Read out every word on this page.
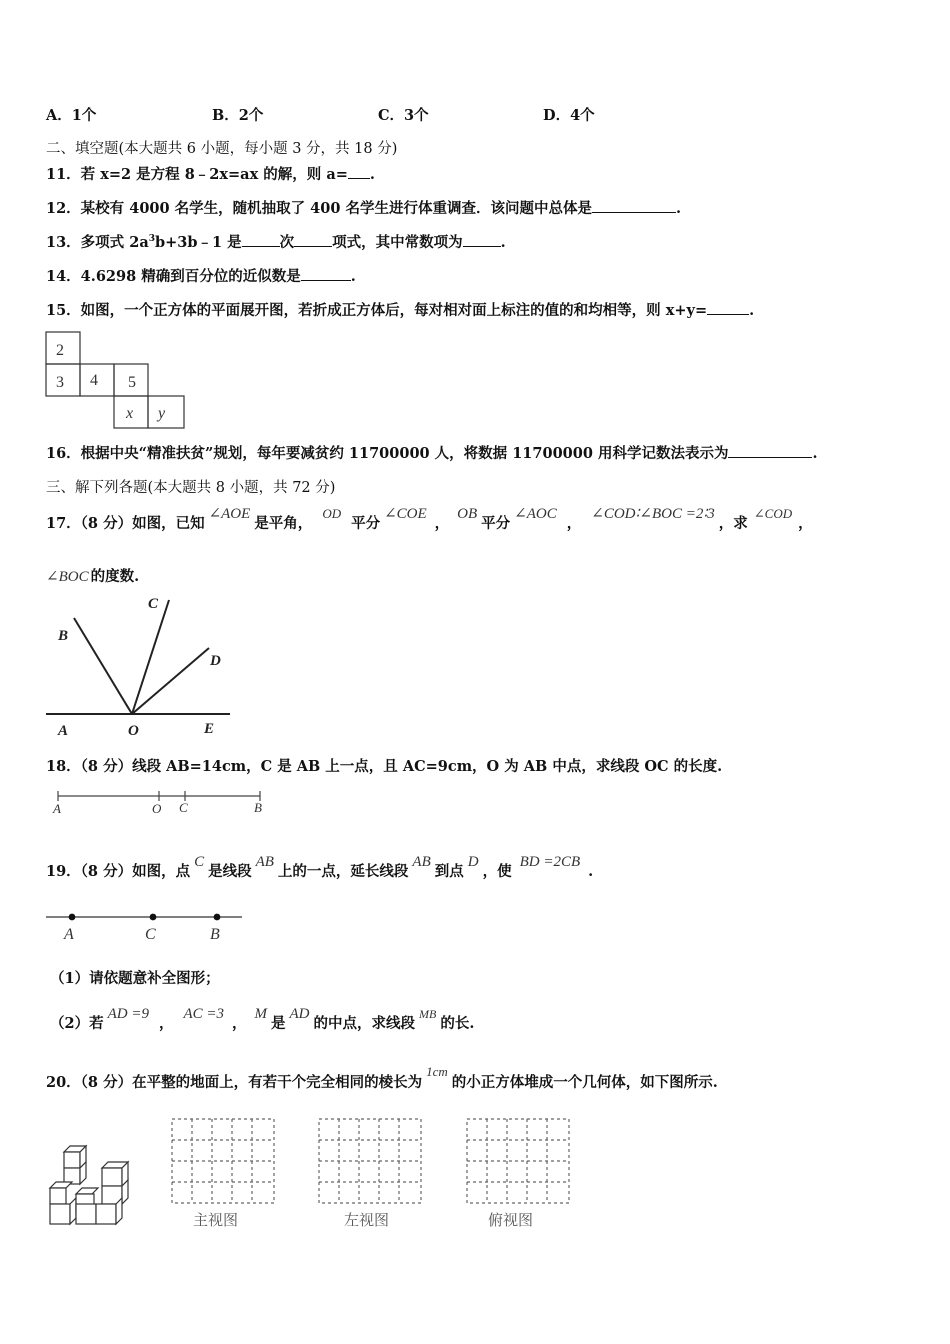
A．1个	B．2个	C．3个	D．4个
二、填空题(本大题共 6 小题，每小题 3 分，共 18 分)
11．若 x=2 是方程 8﹣2x=ax 的解，则 a= .
12．某校有 4000 名学生，随机抽取了 400 名学生进行体重调查．该问题中总体是	.
13．多项式 $2a^3b+3b﹣1$ 是	次	项式，其中常数项为	.
14．4.6298 精确到百分位的近似数是	.
15．如图，一个正方体的平面展开图，若折成正方体后，每对相对面上标注的值的和均相等，则 x+y=	.
2
3 4 5
x y
16．根据中央“精准扶贫”规划，每年要减贫约 11700000 人，将数据 11700000 用科学记数法表示为	.
三、解下列各题(本大题共 8 小题，共 72 分)
17．（8 分）如图，已知∠AOE是平角，OD平分∠COE，OB平分∠AOC，∠COD∶∠BOC =2∶3，求∠COD，
∠BOC 的度数.
A	O	E
B
C
D
18．（8 分）线段 AB=14cm，C 是 AB 上一点，且 AC=9cm，O 为 AB 中点，求线段 OC 的长度.
A	O C	B
19．（8 分）如图，点C是线段AB上的一点，延长线段AB到点D，使BD =2CB.
A	C	B
（1）请依题意补全图形；
（2）若AD =9，AC =3，M是AD的中点，求线段$^{MB}$的长.
20．（8 分）在平整的地面上，有若干个完全相同的棱长为1cm的小正方体堆成一个几何体，如下图所示.
主视图	左视图	俯视图
